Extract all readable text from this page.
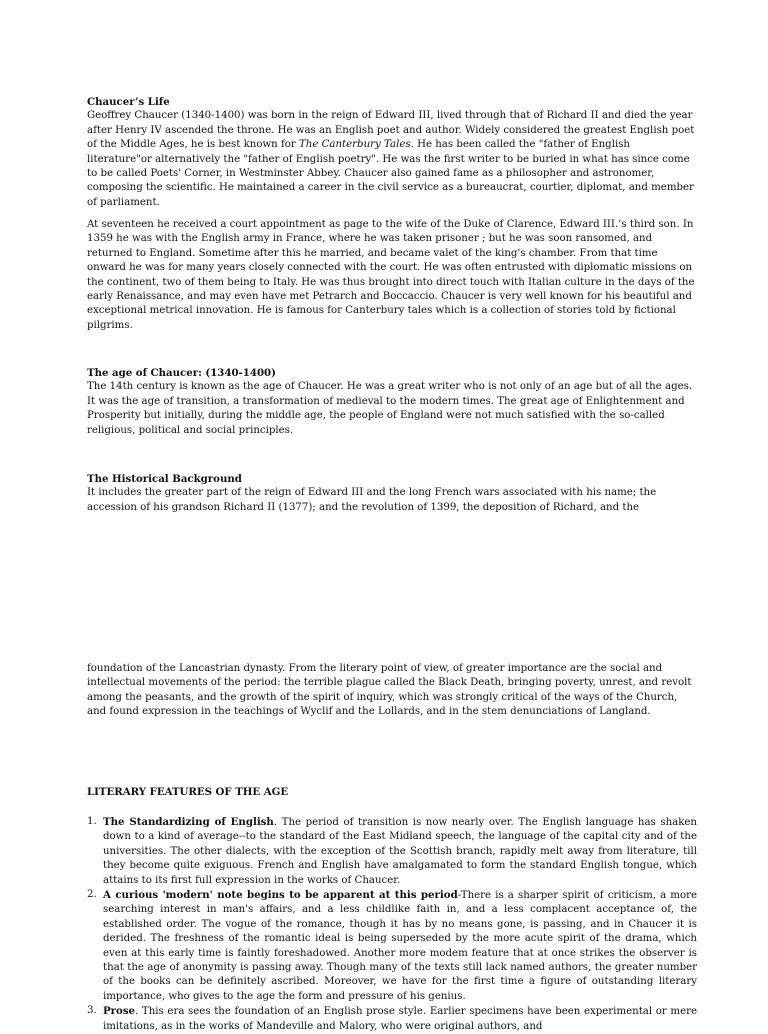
Chaucer’s Life

Geoffrey Chaucer (1340-1400) was born in the reign of Edward III, lived through that of Richard II and died the year after Henry IV ascended the throne. He was an English poet and author. Widely considered the greatest English poet of the Middle Ages, he is best known for The Canterbury Tales. He has been called the "father of English literature"or alternatively the "father of English poetry". He was the first writer to be buried in what has since come to be called Poets' Corner, in Westminster Abbey. Chaucer also gained fame as a philosopher and astronomer, composing the scientific. He maintained a career in the civil service as a bureaucrat, courtier, diplomat, and member of parliament.

At seventeen he received a court appointment as page to the wife of the Duke of Clarence, Edward III.’s third son. In 1359 he was with the English army in France, where he was taken prisoner ; but he was soon ransomed, and returned to England. Sometime after this he married, and became valet of the king's chamber. From that time onward he was for many years closely connected with the court. He was often entrusted with diplomatic missions on the continent, two of them being to Italy. He was thus brought into direct touch with Italian culture in the days of the early Renaissance, and may even have met Petrarch and Boccaccio. Chaucer is very well known for his beautiful and exceptional metrical innovation. He is famous for Canterbury tales which is a collection of stories told by fictional pilgrims.

The age of Chaucer: (1340-1400)

The 14th century is known as the age of Chaucer. He was a great writer who is not only of an age but of all the ages. It was the age of transition, a transformation of medieval to the modern times. The great age of Enlightenment and Prosperity but initially, during the middle age, the people of England were not much satisfied with the so-called religious, political and social principles.

The Historical Background

It includes the greater part of the reign of Edward III and the long French wars associated with his name; the accession of his grandson Richard II (1377); and the revolution of 1399, the deposition of Richard, and the

foundation of the Lancastrian dynasty. From the literary point of view, of greater importance are the social and intellectual movements of the period: the terrible plague called the Black Death, bringing poverty, unrest, and revolt among the peasants, and the growth of the spirit of inquiry, which was strongly critical of the ways of the Church, and found expression in the teachings of Wyclif and the Lollards, and in the stem denunciations of Langland.

LITERARY FEATURES OF THE AGE
1. The Standardizing of English. The period of transition is now nearly over. The English language has shaken down to a kind of average--to the standard of the East Midland speech, the language of the capital city and of the universities. The other dialects, with the exception of the Scottish branch, rapidly melt away from literature, till they become quite exiguous. French and English have amalgamated to form the standard English tongue, which attains to its first full expression in the works of Chaucer.
2. A curious 'modern' note begins to be apparent at this period-There is a sharper spirit of criticism, a more searching interest in man's affairs, and a less childlike faith in, and a less complacent acceptance of, the established order. The vogue of the romance, though it has by no means gone, is passing, and in Chaucer it is derided. The freshness of the romantic ideal is being superseded by the more acute spirit of the drama, which even at this early time is faintly foreshadowed. Another more modem feature that at once strikes the observer is that the age of anonymity is passing away. Though many of the texts still lack named authors, the greater number of the books can be definitely ascribed. Moreover, we have for the first time a figure of outstanding literary importance, who gives to the age the form and pressure of his genius.
3. Prose. This era sees the foundation of an English prose style. Earlier specimens have been experimental or mere imitations, as in the works of Mandeville and Malory, who were original authors, and
